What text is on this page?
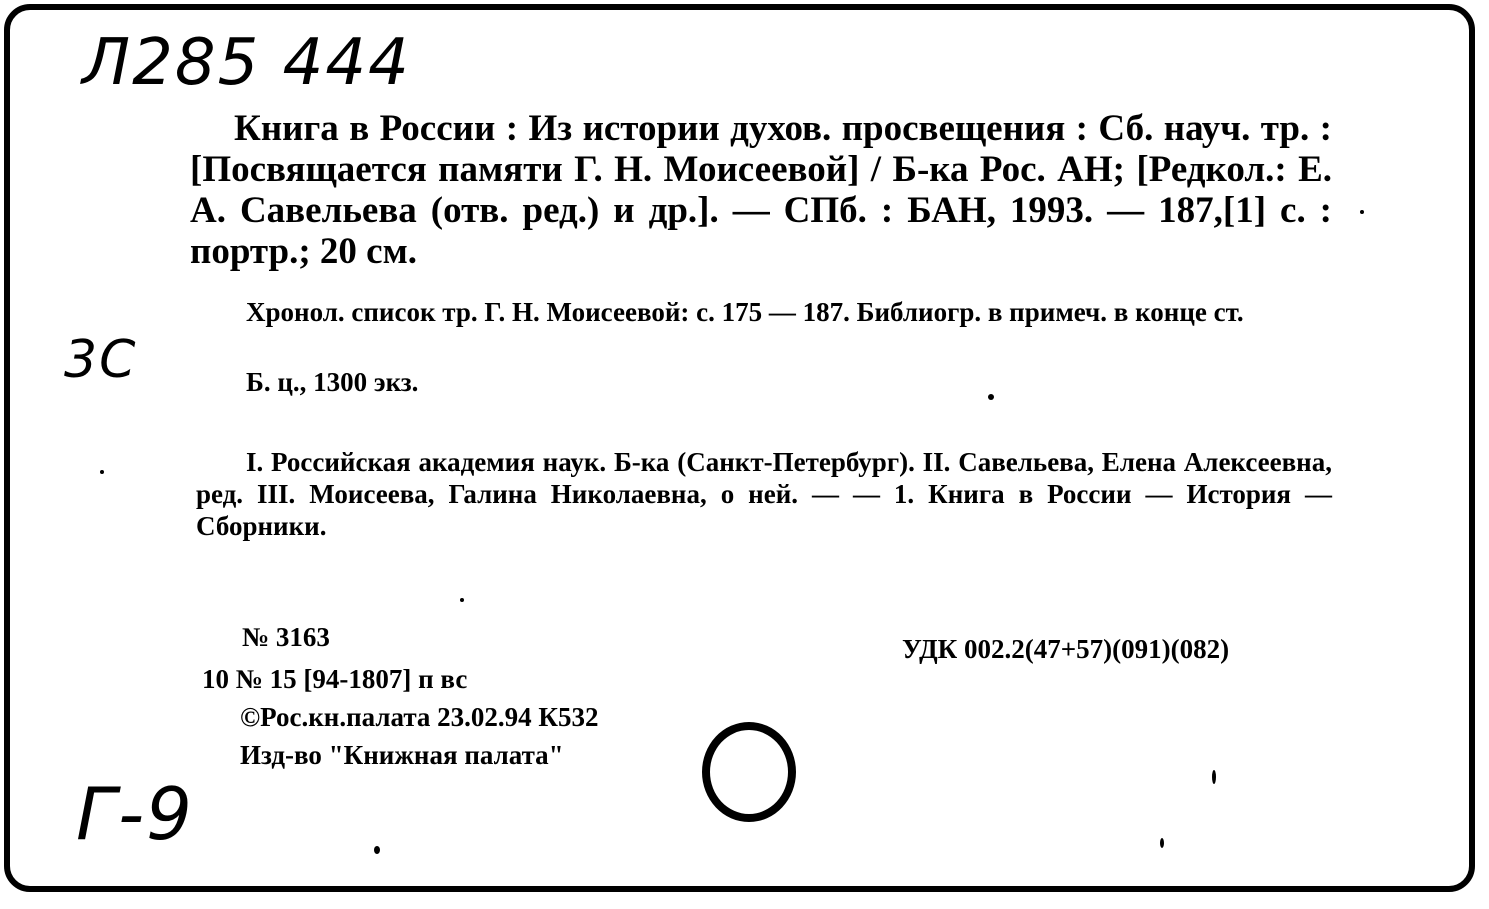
Л285 444
3С
Г-9

Книга в России : Из истории духов. просвещения : Сб. науч. тр. : [Посвящается памяти Г. Н. Моисеевой] / Б-ка Рос. АН; [Редкол.: Е. А. Савельева (отв. ред.) и др.]. — СПб. : БАН, 1993. — 187,[1] с. : портр.; 20 см.

Хронол. список тр. Г. Н. Моисеевой: с. 175 — 187. Библиогр. в примеч. в конце ст.

Б. ц., 1300 экз.

I. Российская академия наук. Б-ка (Санкт-Петербург). II. Савельева, Елена Алексеевна, ред. III. Моисеева, Галина Николаевна, о ней. — — 1. Книга в России — История — Сборники.

№ 3163	УДК 002.2(47+57)(091)(082)
10 № 15 [94-1807] п вс
©Рос.кн.палата 23.02.94 К532
Изд-во "Книжная палата"
